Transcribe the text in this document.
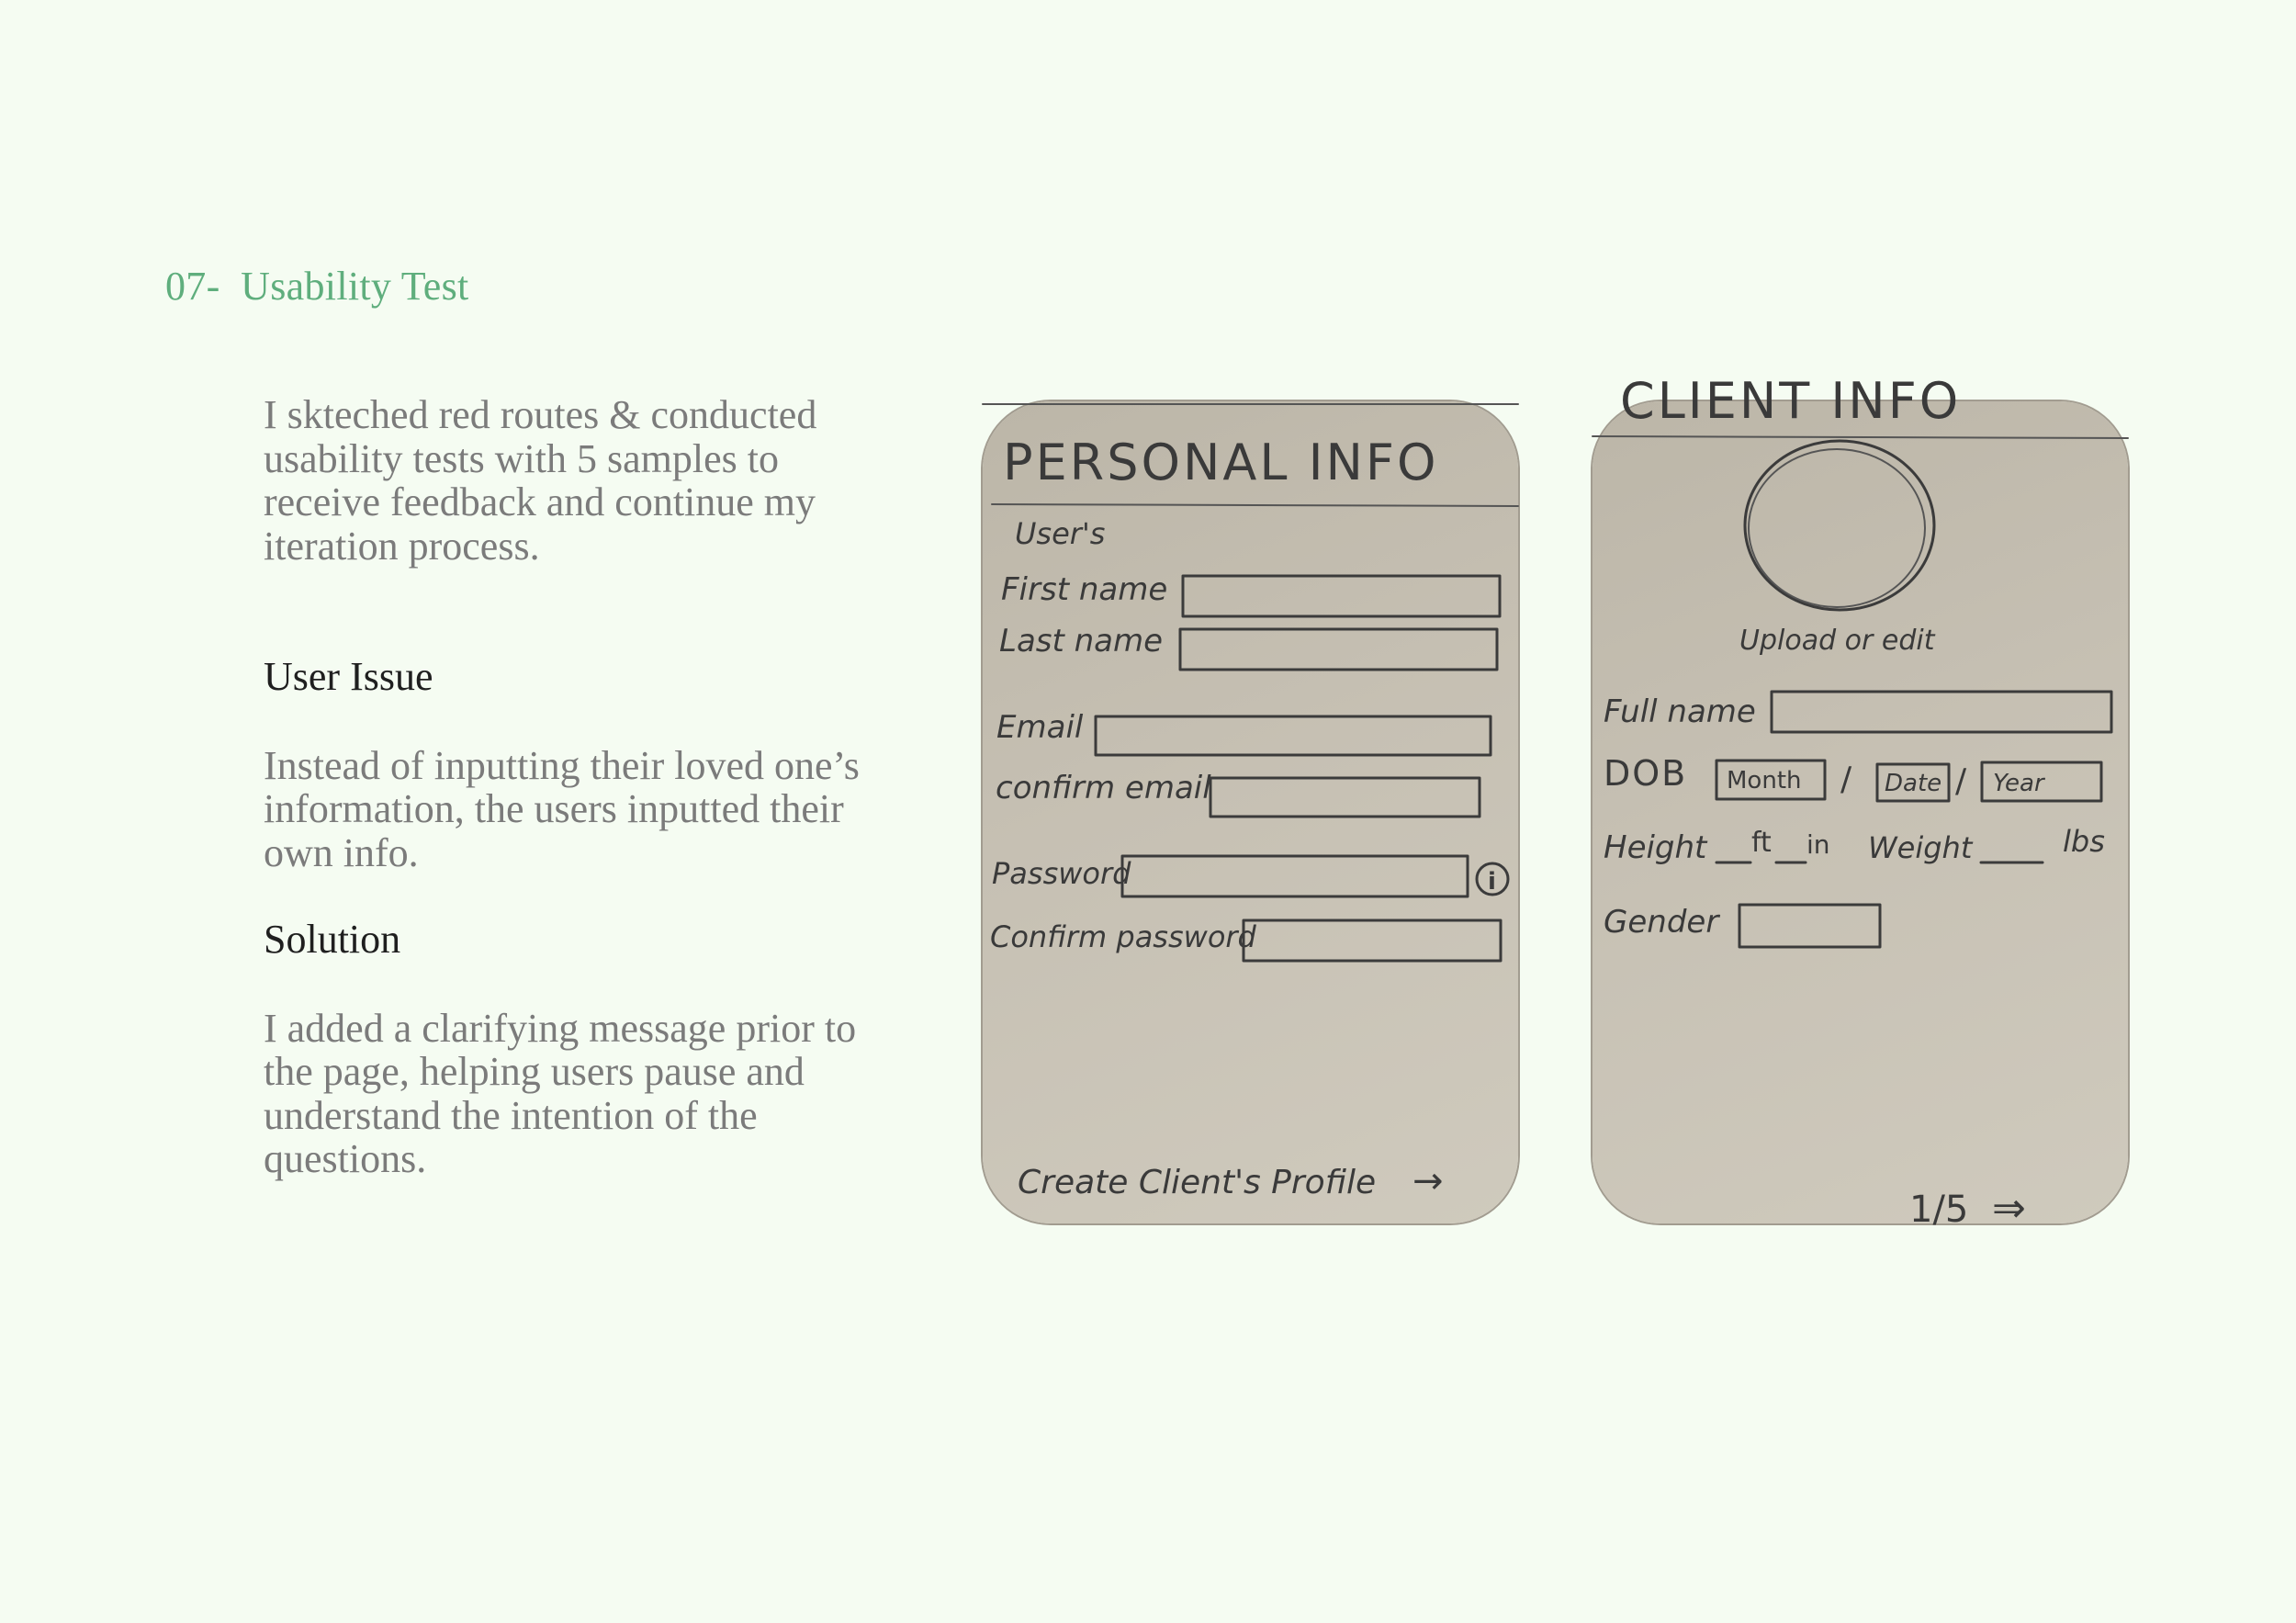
07- Usability Test

I skteched red routes & conducted usability tests with 5 samples to receive feedback and continue my iteration process.

User Issue

Instead of inputting their loved one’s information, the users inputted their own info.

Solution

I added a clarifying message prior to the page, helping users pause and understand the intention of the questions.

PERSONAL INFO
User's
First name
Last name
Email
confirm email
Password	i
Confirm password
Create Client's Profile →
CLIENT INFO
Upload or edit
Full name
DOB Month / Date / Year
Height ft in Weight	lbs
Gender
1/5 ⇒
